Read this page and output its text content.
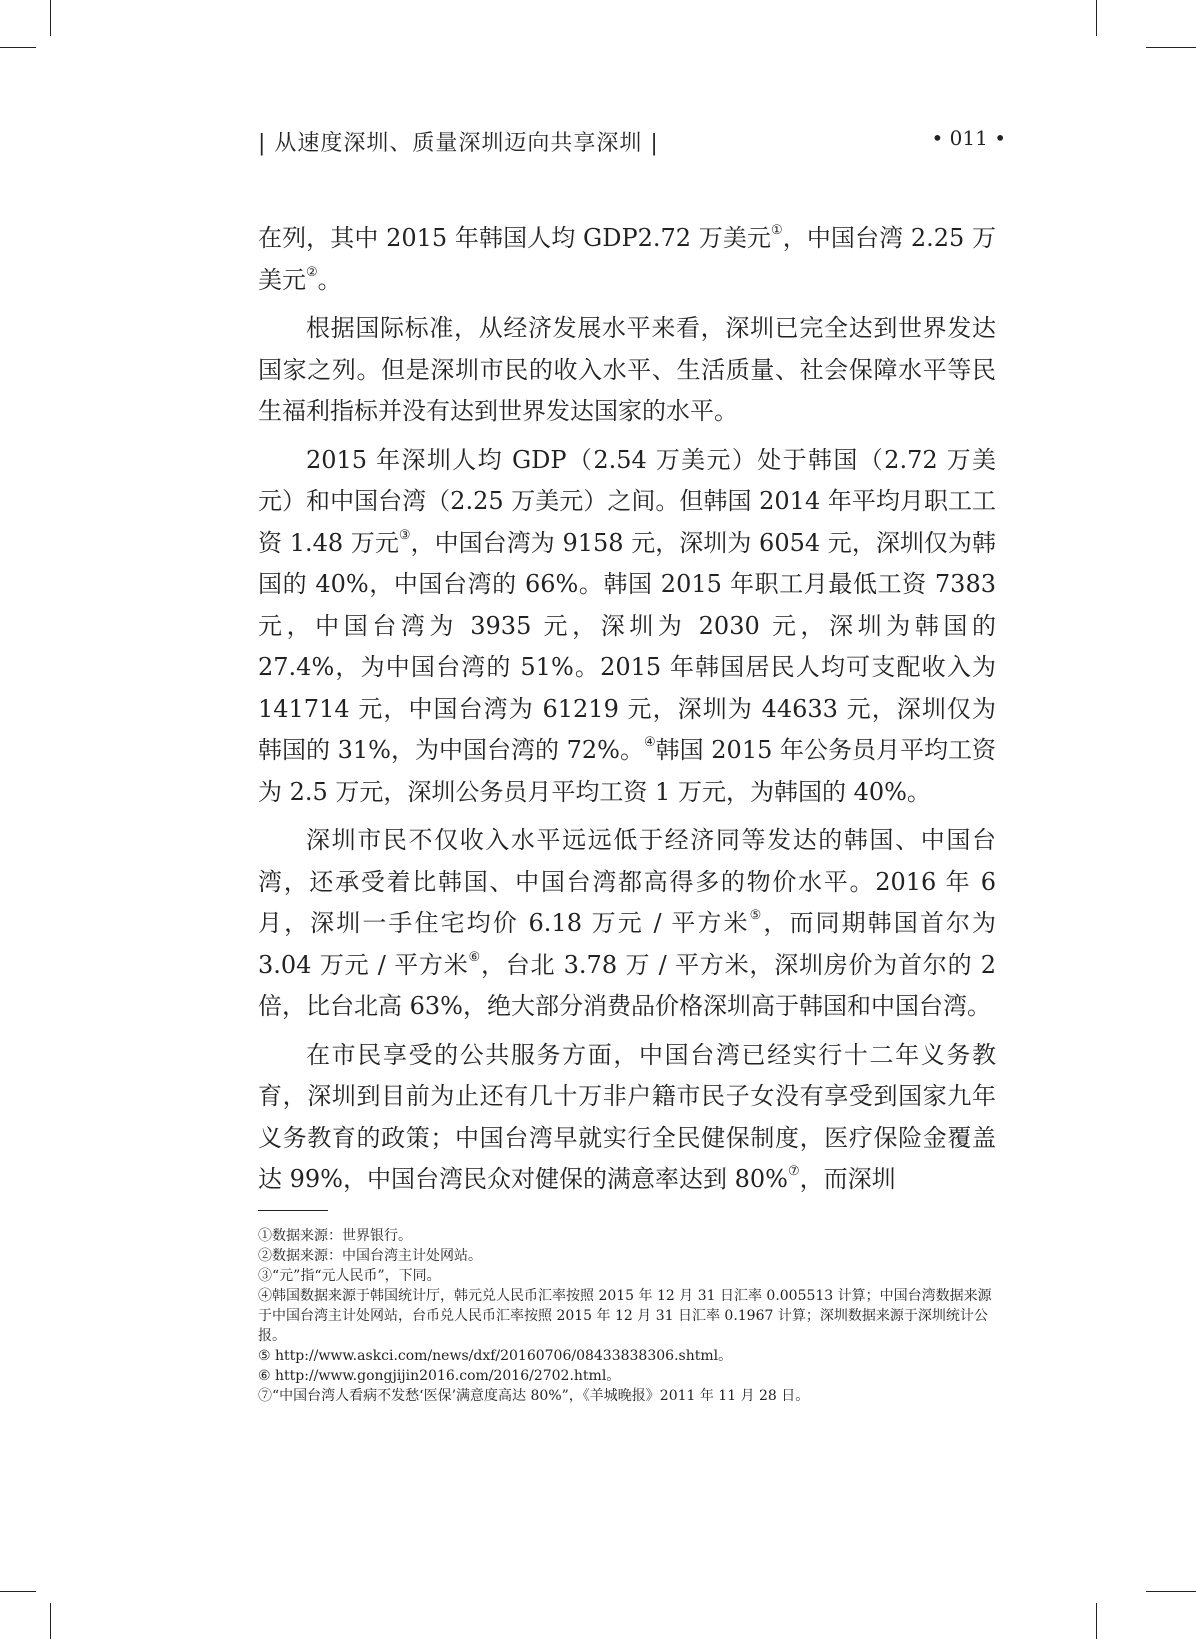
| 从速度深圳、质量深圳迈向共享深圳 |	• 011 •

在列，其中 2015 年韩国人均 GDP2.72 万美元①，中国台湾 2.25 万美元②。

根据国际标准，从经济发展水平来看，深圳已完全达到世界发达国家之列。但是深圳市民的收入水平、生活质量、社会保障水平等民生福利指标并没有达到世界发达国家的水平。

2015 年深圳人均 GDP（2.54 万美元）处于韩国（2.72 万美元）和中国台湾（2.25 万美元）之间。但韩国 2014 年平均月职工工资 1.48 万元③，中国台湾为 9158 元，深圳为 6054 元，深圳仅为韩国的 40%，中国台湾的 66%。韩国 2015 年职工月最低工资 7383 元，中国台湾为 3935 元，深圳为 2030 元，深圳为韩国的 27.4%，为中国台湾的 51%。2015 年韩国居民人均可支配收入为 141714 元，中国台湾为 61219 元，深圳为 44633 元，深圳仅为韩国的 31%，为中国台湾的 72%。④韩国 2015 年公务员月平均工资为 2.5 万元，深圳公务员月平均工资 1 万元，为韩国的 40%。

深圳市民不仅收入水平远远低于经济同等发达的韩国、中国台湾，还承受着比韩国、中国台湾都高得多的物价水平。2016 年 6 月，深圳一手住宅均价 6.18 万元 / 平方米⑤，而同期韩国首尔为 3.04 万元 / 平方米⑥，台北 3.78 万 / 平方米，深圳房价为首尔的 2 倍，比台北高 63%，绝大部分消费品价格深圳高于韩国和中国台湾。

在市民享受的公共服务方面，中国台湾已经实行十二年义务教育，深圳到目前为止还有几十万非户籍市民子女没有享受到国家九年义务教育的政策；中国台湾早就实行全民健保制度，医疗保险金覆盖达 99%，中国台湾民众对健保的满意率达到 80%⑦，而深圳

①数据来源：世界银行。
②数据来源：中国台湾主计处网站。
③“元”指“元人民币”，下同。
④韩国数据来源于韩国统计厅，韩元兑人民币汇率按照 2015 年 12 月 31 日汇率 0.005513 计算；中国台湾数据来源于中国台湾主计处网站，台币兑人民币汇率按照 2015 年 12 月 31 日汇率 0.1967 计算；深圳数据来源于深圳统计公报。
⑤ http://www.askci.com/news/dxf/20160706/08433838306.shtml。
⑥ http://www.gongjijin2016.com/2016/2702.html。
⑦“中国台湾人看病不发愁‘医保’满意度高达 80%”，《羊城晚报》2011 年 11 月 28 日。
